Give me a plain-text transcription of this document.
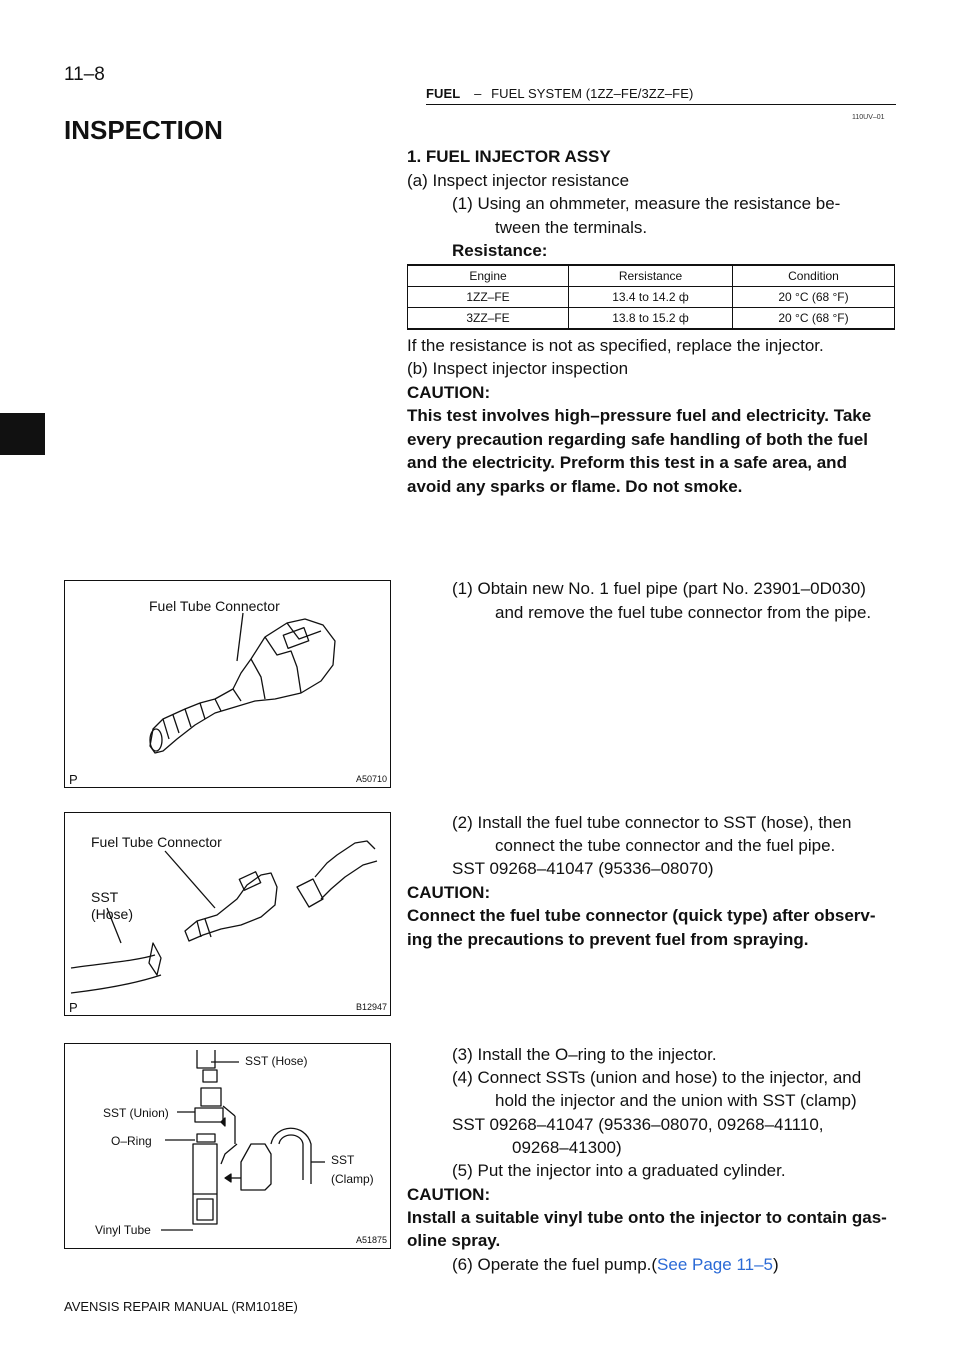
11–8
FUEL – FUEL SYSTEM (1ZZ–FE/3ZZ–FE)
110UV–01
INSPECTION
1. FUEL INJECTOR ASSY
(a) Inspect injector resistance
(1) Using an ohmmeter, measure the resistance be-
tween the terminals.
Resistance:
Engine	Rersistance	Condition
1ZZ–FE	13.4 to 14.2 ф	20 °C (68 °F)
3ZZ–FE	13.8 to 15.2 ф	20 °C (68 °F)
If the resistance is not as specified, replace the injector.
(b) Inspect injector inspection
CAUTION:
This test involves high–pressure fuel and electricity. Take
every precaution regarding safe handling of both the fuel
and the electricity. Preform this test in a safe area, and
avoid any sparks or flame. Do not smoke.
(1) Obtain new No. 1 fuel pipe (part No. 23901–0D030)
and remove the fuel tube connector from the pipe.
(2) Install the fuel tube connector to SST (hose), then
connect the tube connector and the fuel pipe.
SST 09268–41047 (95336–08070)
CAUTION:
Connect the fuel tube connector (quick type) after observ-
ing the precautions to prevent fuel from spraying.
(3) Install the O–ring to the injector.
(4) Connect SSTs (union and hose) to the injector, and
hold the injector and the union with SST (clamp)
SST 09268–41047 (95336–08070, 09268–41110,
09268–41300)
(5) Put the injector into a graduated cylinder.
CAUTION:
Install a suitable vinyl tube onto the injector to contain gas-
oline spray.
(6) Operate the fuel pump.(See Page 11–5)
Fuel Tube Connector
P	A50710
Fuel Tube Connector
SST
(Hose)
P	B12947
SST (Hose)
SST (Union)
O–Ring
Vinyl Tube
SST
(Clamp)
A51875
AVENSIS REPAIR MANUAL (RM1018E)
